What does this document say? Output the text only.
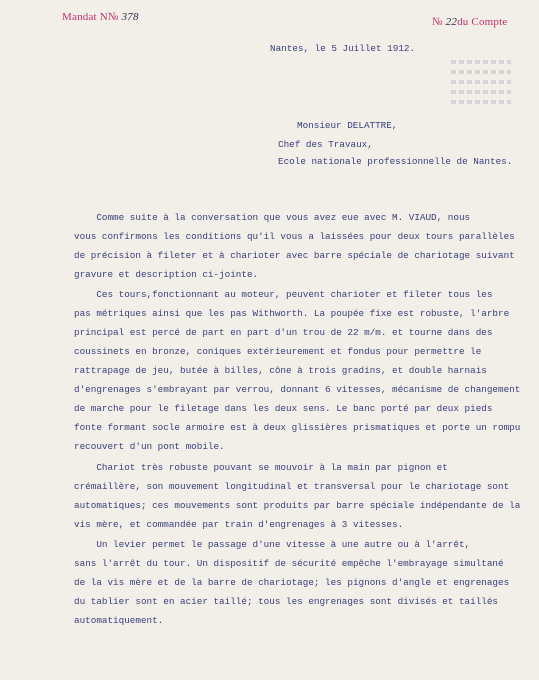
Mandat N№ 378	№ 22du Compte
Nantes, le 5 Juillet 1912.
Monsieur DELATTRE,
Chef des Travaux,
Ecole nationale professionnelle de Nantes.
Comme suite à la conversation que vous avez eue avec M. VIAUD, nous
vous confirmons les conditions qu'il vous a laissées pour deux tours parallèles
de précision à fileter et à charioter avec barre spéciale de chariotage suivant
gravure et description ci-jointe.
Ces tours,fonctionnant au moteur, peuvent charioter et fileter tous les
pas métriques ainsi que les pas Withworth. La poupée fixe est robuste, l'arbre
principal est percé de part en part d'un trou de 22 m/m. et tourne dans des
coussinets en bronze, coniques extérieurement et fondus pour permettre le
rattrapage de jeu, butée à billes, cône à trois gradins, et double harnais
d'engrenages s'embrayant par verrou, donnant 6 vitesses, mécanisme de changement
de marche pour le filetage dans les deux sens. Le banc porté par deux pieds
fonte formant socle armoire est à deux glissières prismatiques et porte un rompu
recouvert d'un pont mobile.
Chariot très robuste pouvant se mouvoir à la main par pignon et
crémaillère, son mouvement longitudinal et transversal pour le chariotage sont
automatiques; ces mouvements sont produits par barre spéciale indépendante de la
vis mère, et commandée par train d'engrenages à 3 vitesses.
Un levier permet le passage d'une vitesse à une autre ou à l'arrêt,
sans l'arrêt du tour. Un dispositif de sécurité empêche l'embrayage simultané
de la vis mère et de la barre de chariotage; les pignons d'angle et engrenages
du tablier sont en acier taillé; tous les engrenages sont divisés et taillés
automatiquement.
